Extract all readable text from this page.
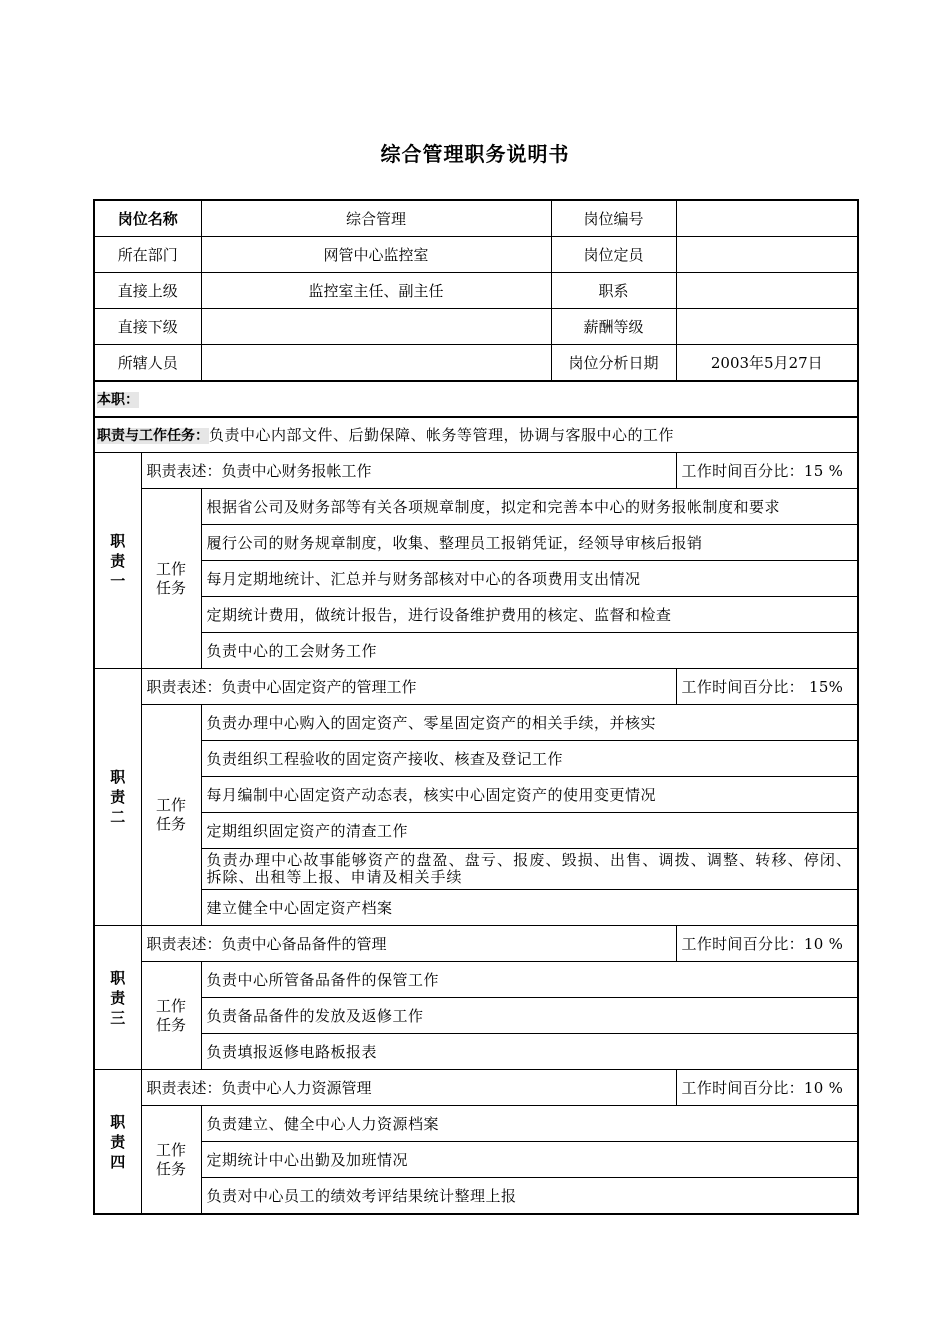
综合管理职务说明书
岗位名称		综合管理	岗位编号	
所在部门		网管中心监控室	岗位定员	
直接上级		监控室主任、副主任	职系	
直接下级			薪酬等级	
所辖人员			岗位分析日期	2003年5月27日
本职：				
职责与工作任务：负责中心内部文件、后勤保障、帐务等管理，协调与客服中心的工作				

职
责
一	职责表述：负责中心财务报帐工作			工作时间百分比：15 %

	工作
任务	根据省公司及财务部等有关各项规章制度，拟定和完善本中心的财务报帐制度和要求		
		履行公司的财务规章制度，收集、整理员工报销凭证，经领导审核后报销		
		每月定期地统计、汇总并与财务部核对中心的各项费用支出情况		
		定期统计费用，做统计报告，进行设备维护费用的核定、监督和检查		
		负责中心的工会财务工作		

职
责
二	职责表述：负责中心固定资产的管理工作			工作时间百分比： 15%

	工作
任务	负责办理中心购入的固定资产、零星固定资产的相关手续，并核实		
		负责组织工程验收的固定资产接收、核查及登记工作		
		每月编制中心固定资产动态表，核实中心固定资产的使用变更情况		
		定期组织固定资产的清查工作		
		负责办理中心故事能够资产的盘盈、盘亏、报废、毁损、出售、调拨、调整、转移、停闭、拆除、出租等上报、申请及相关手续		
		建立健全中心固定资产档案		

职
责
三	职责表述：负责中心备品备件的管理			工作时间百分比：10 %

	工作
任务	负责中心所管备品备件的保管工作		
		负责备品备件的发放及返修工作		
		负责填报返修电路板报表		

职
责
四	职责表述：负责中心人力资源管理			工作时间百分比：10 %

	工作
任务	负责建立、健全中心人力资源档案		
		定期统计中心出勤及加班情况		
		负责对中心员工的绩效考评结果统计整理上报		
